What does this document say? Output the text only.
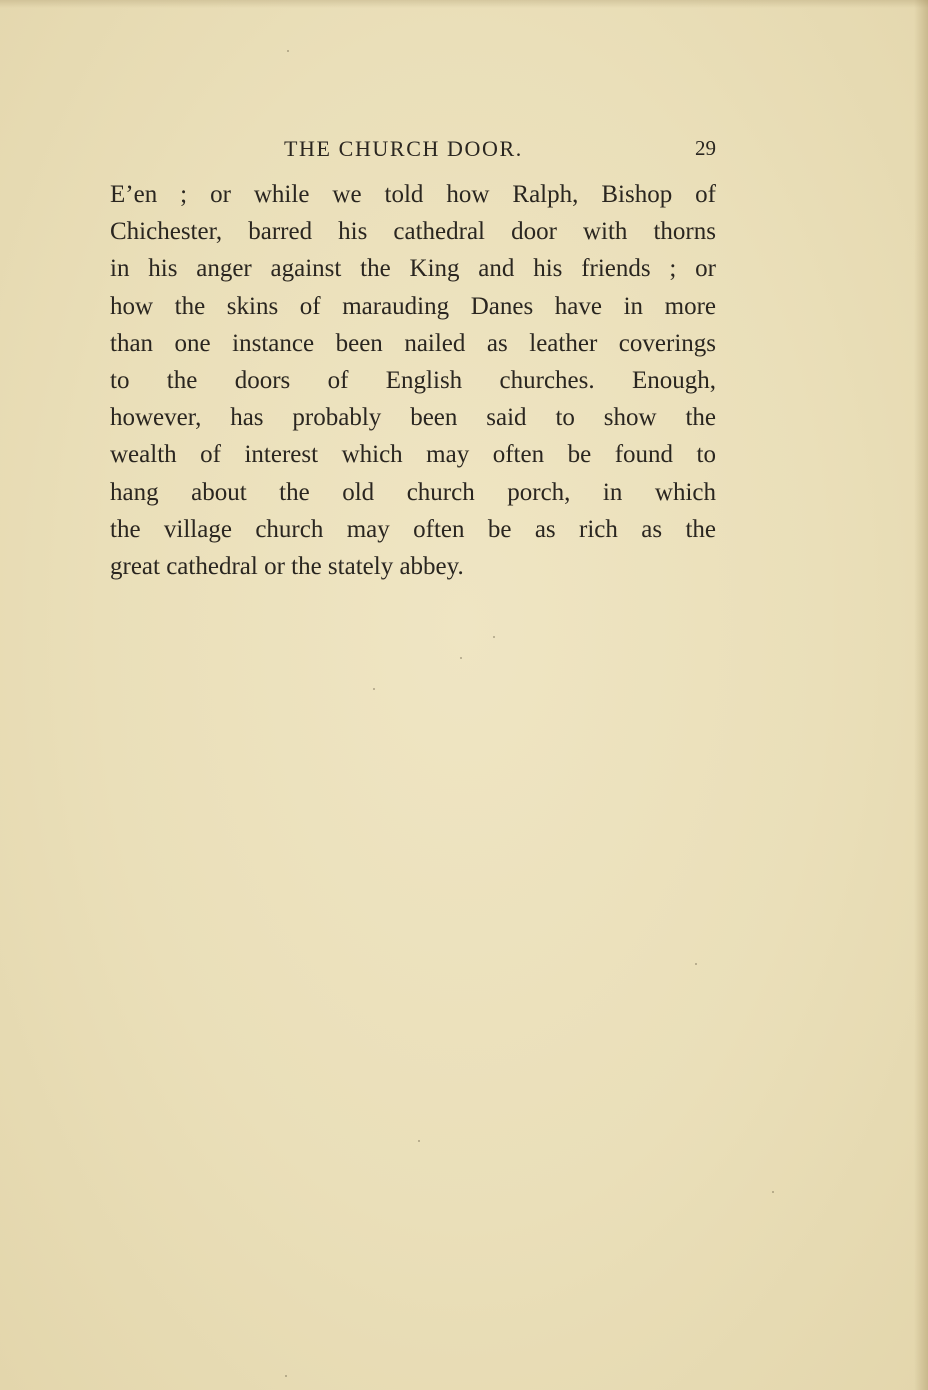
THE CHURCH DOOR.	29
E’en ; or while we told how Ralph, Bishop of
Chichester, barred his cathedral door with thorns
in his anger against the King and his friends ; or
how the skins of marauding Danes have in more
than one instance been nailed as leather coverings
to the doors of English churches. Enough,
however, has probably been said to show the
wealth of interest which may often be found to
hang about the old church porch, in which
the village church may often be as rich as the
great cathedral or the stately abbey.
